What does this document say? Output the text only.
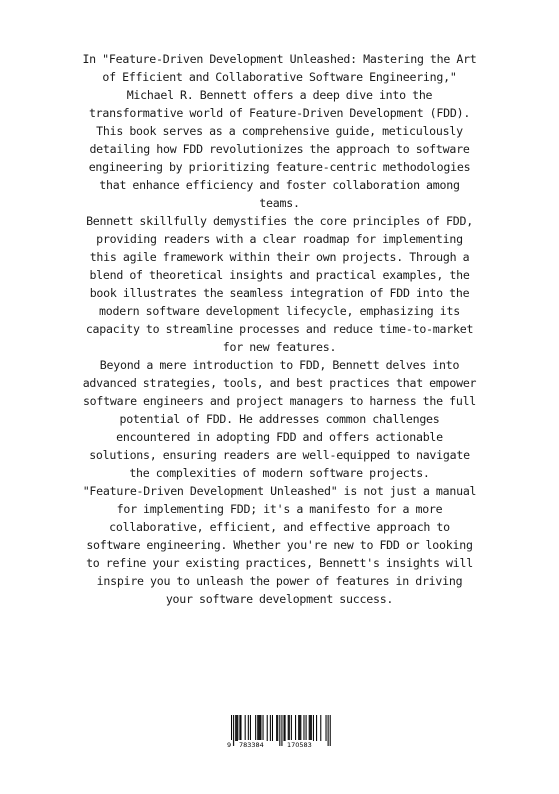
In "Feature-Driven Development Unleashed: Mastering the Art of Efficient and Collaborative Software Engineering," Michael R. Bennett offers a deep dive into the transformative world of Feature-Driven Development (FDD). This book serves as a comprehensive guide, meticulously detailing how FDD revolutionizes the approach to software engineering by prioritizing feature-centric methodologies that enhance efficiency and foster collaboration among teams.

Bennett skillfully demystifies the core principles of FDD, providing readers with a clear roadmap for implementing this agile framework within their own projects. Through a blend of theoretical insights and practical examples, the book illustrates the seamless integration of FDD into the modern software development lifecycle, emphasizing its capacity to streamline processes and reduce time-to-market for new features.

Beyond a mere introduction to FDD, Bennett delves into advanced strategies, tools, and best practices that empower software engineers and project managers to harness the full potential of FDD. He addresses common challenges encountered in adopting FDD and offers actionable solutions, ensuring readers are well-equipped to navigate the complexities of modern software projects.

"Feature-Driven Development Unleashed" is not just a manual for implementing FDD; it's a manifesto for a more collaborative, efficient, and effective approach to software engineering. Whether you're new to FDD or looking to refine your existing practices, Bennett's insights will inspire you to unleash the power of features in driving your software development success.

9 783384	170583
